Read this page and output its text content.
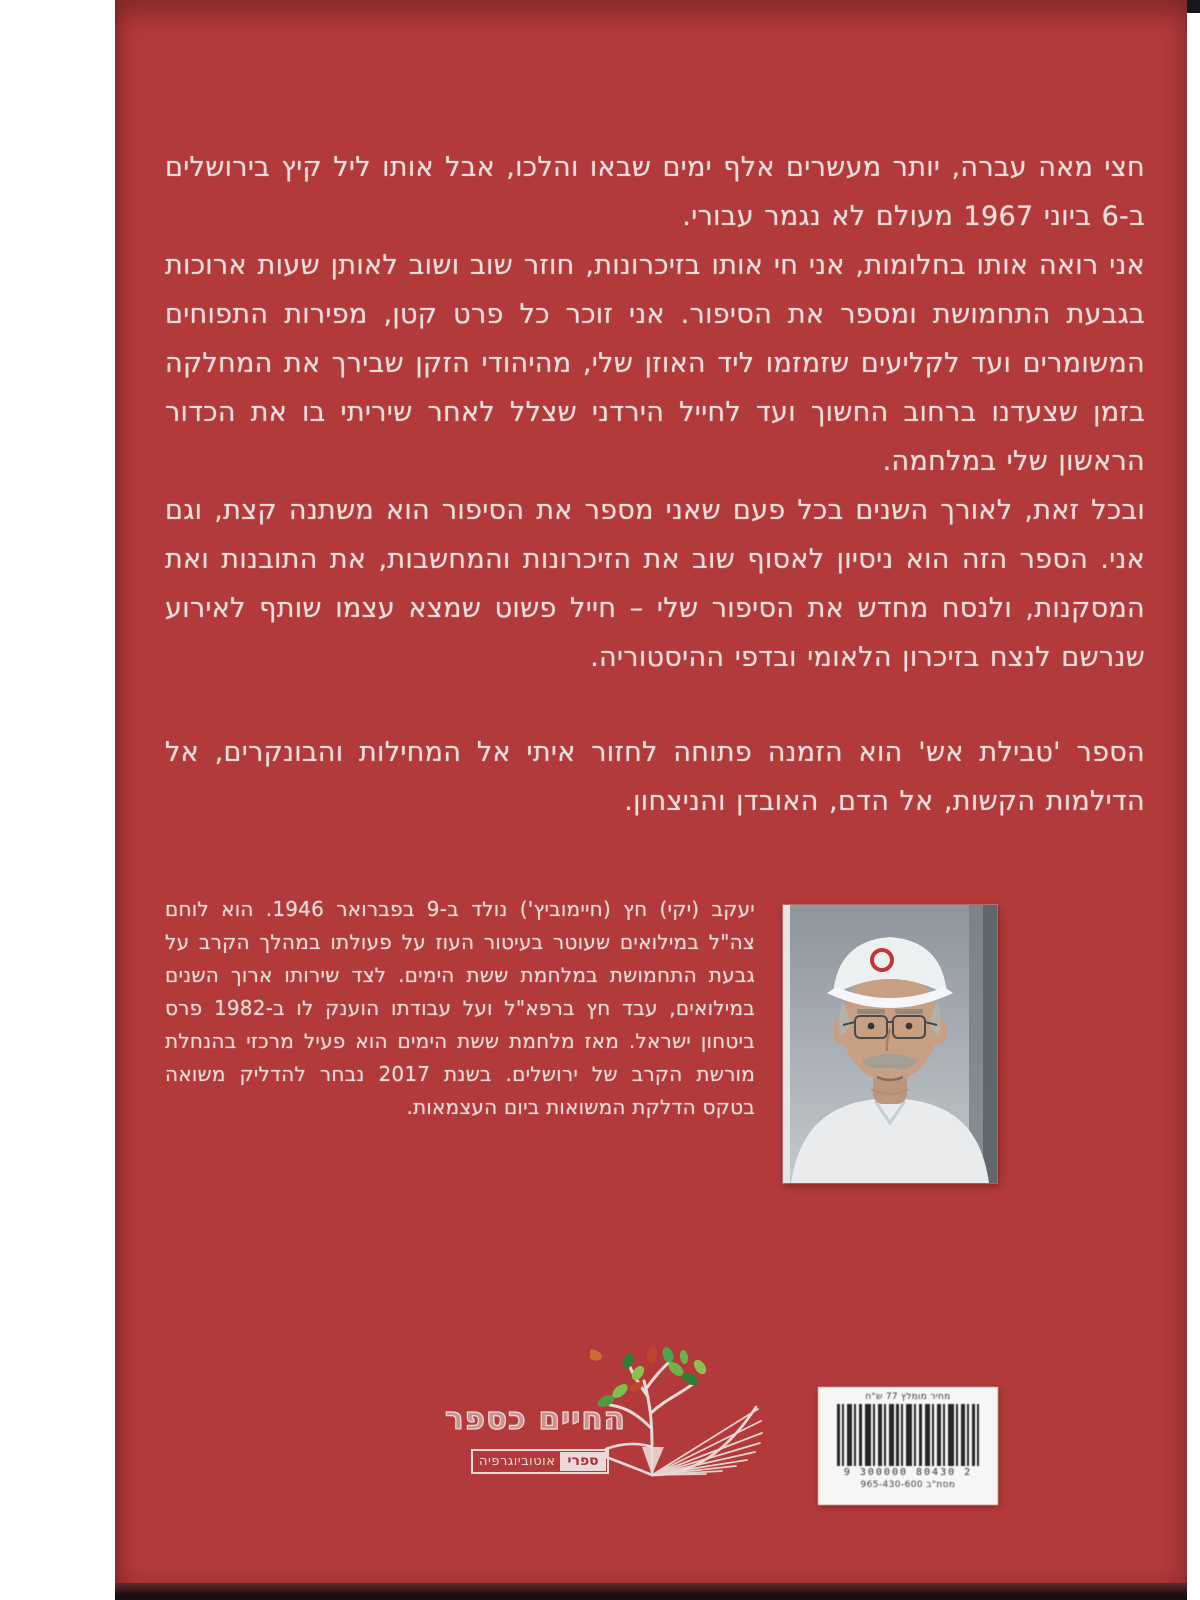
חצי מאה עברה, יותר מעשרים אלף ימים שבאו והלכו, אבל אותו ליל קיץ בירושלים ב-6 ביוני 1967 מעולם לא נגמר עבורי.

אני רואה אותו בחלומות, אני חי אותו בזיכרונות, חוזר שוב ושוב לאותן שעות ארוכות בגבעת התחמושת ומספר את הסיפור. אני זוכר כל פרט קטן, מפירות התפוחים המשומרים ועד לקליעים שזמזמו ליד האוזן שלי, מהיהודי הזקן שבירך את המחלקה בזמן שצעדנו ברחוב החשוך ועד לחייל הירדני שצלל לאחר שיריתי בו את הכדור הראשון שלי במלחמה.

ובכל זאת, לאורך השנים בכל פעם שאני מספר את הסיפור הוא משתנה קצת, וגם אני. הספר הזה הוא ניסיון לאסוף שוב את הזיכרונות והמחשבות, את התובנות ואת המסקנות, ולנסח מחדש את הסיפור שלי – חייל פשוט שמצא עצמו שותף לאירוע שנרשם לנצח בזיכרון הלאומי ובדפי ההיסטוריה.

הספר 'טבילת אש' הוא הזמנה פתוחה לחזור איתי אל המחילות והבונקרים, אל הדילמות הקשות, אל הדם, האובדן והניצחון.

יעקב (יקי) חץ (חיימוביץ') נולד ב-9 בפברואר 1946. הוא לוחם צה"ל במילואים שעוטר בעיטור העוז על פעולתו במהלך הקרב על גבעת התחמושת במלחמת ששת הימים. לצד שירותו ארוך השנים במילואים, עבד חץ ברפא"ל ועל עבודתו הוענק לו ב-1982 פרס ביטחון ישראל. מאז מלחמת ששת הימים הוא פעיל מרכזי בהנחלת מורשת הקרב של ירושלים. בשנת 2017 נבחר להדליק משואה בטקס הדלקת המשואות ביום העצמאות.
החיים כספר
ספרי
אוטוביוגרפיה
מחיר מומלץ 77 ש"ח
9 300000 80430 2
מסת"ב 965-430-600
